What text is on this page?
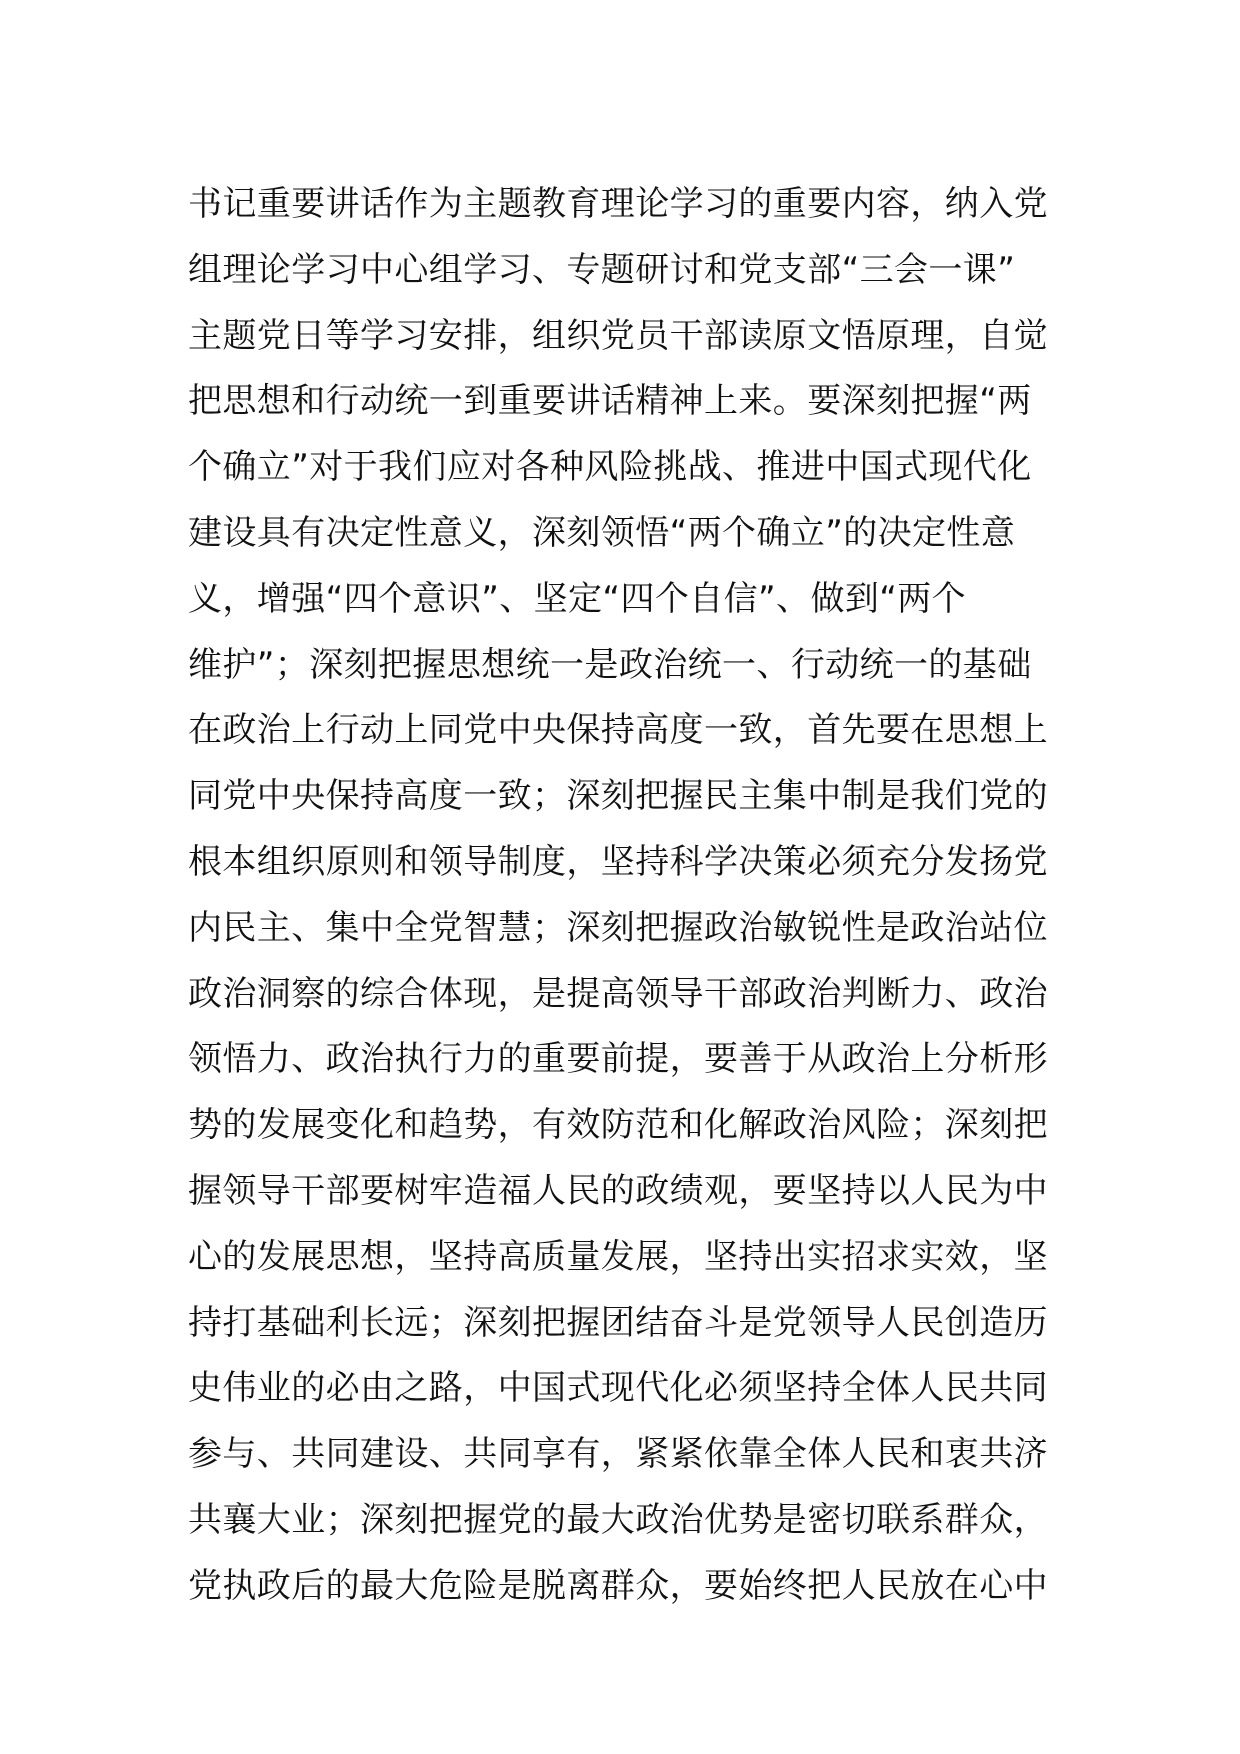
书记重要讲话作为主题教育理论学习的重要内容，纳入党
组理论学习中心组学习、专题研讨和党支部“三会一课”
主题党日等学习安排，组织党员干部读原文悟原理，自觉
把思想和行动统一到重要讲话精神上来。要深刻把握“两
个确立”对于我们应对各种风险挑战、推进中国式现代化
建设具有决定性意义，深刻领悟“两个确立”的决定性意
义，增强“四个意识”、坚定“四个自信”、做到“两个
维护”；深刻把握思想统一是政治统一、行动统一的基础
在政治上行动上同党中央保持高度一致，首先要在思想上
同党中央保持高度一致；深刻把握民主集中制是我们党的
根本组织原则和领导制度，坚持科学决策必须充分发扬党
内民主、集中全党智慧；深刻把握政治敏锐性是政治站位
政治洞察的综合体现，是提高领导干部政治判断力、政治
领悟力、政治执行力的重要前提，要善于从政治上分析形
势的发展变化和趋势，有效防范和化解政治风险；深刻把
握领导干部要树牢造福人民的政绩观，要坚持以人民为中
心的发展思想，坚持高质量发展，坚持出实招求实效，坚
持打基础利长远；深刻把握团结奋斗是党领导人民创造历
史伟业的必由之路，中国式现代化必须坚持全体人民共同
参与、共同建设、共同享有，紧紧依靠全体人民和衷共济
共襄大业；深刻把握党的最大政治优势是密切联系群众，
党执政后的最大危险是脱离群众，要始终把人民放在心中
